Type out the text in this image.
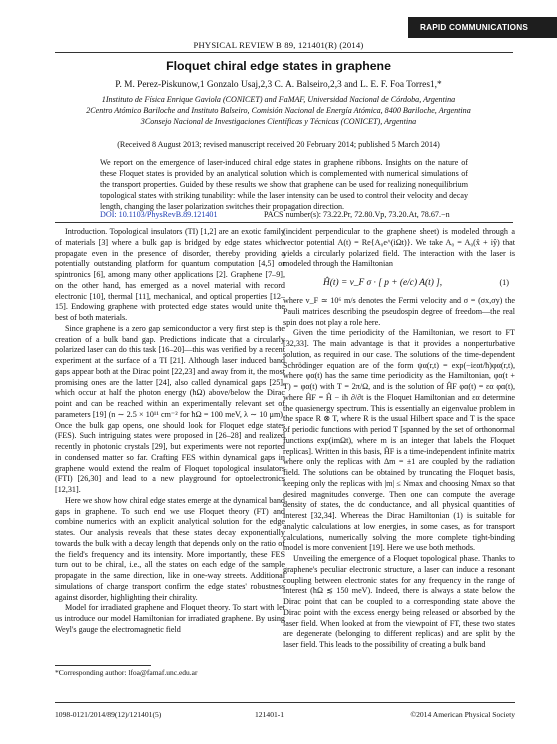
RAPID COMMUNICATIONS
PHYSICAL REVIEW B 89, 121401(R) (2014)
Floquet chiral edge states in graphene
P. M. Perez-Piskunow,1 Gonzalo Usaj,2,3 C. A. Balseiro,2,3 and L. E. F. Foa Torres1,*
1Instituto de Física Enrique Gaviola (CONICET) and FaMAF, Universidad Nacional de Córdoba, Argentina
2Centro Atómico Bariloche and Instituto Balseiro, Comisión Nacional de Energía Atómica, 8400 Bariloche, Argentina
3Consejo Nacional de Investigaciones Científicas y Técnicas (CONICET), Argentina
(Received 8 August 2013; revised manuscript received 20 February 2014; published 5 March 2014)
We report on the emergence of laser-induced chiral edge states in graphene ribbons. Insights on the nature of these Floquet states is provided by an analytical solution which is complemented with numerical simulations of the transport properties. Guided by these results we show that graphene can be used for realizing nonequilibrium topological states with striking tunability: while the laser intensity can be used to control their velocity and decay length, changing the laser polarization switches their propagation direction.
DOI: 10.1103/PhysRevB.89.121401	PACS number(s): 73.22.Pr, 72.80.Vp, 73.20.At, 78.67.−n

Introduction. Topological insulators (TI) [1,2] are an exotic family of materials [3] where a bulk gap is bridged by edge states which propagate even in the presence of disorder, thereby providing a potentially outstanding platform for quantum computation [4,5] or spintronics [6], among many other applications [2]. Graphene [7–9], on the other hand, has emerged as a novel material with record electronic [10], thermal [11], mechanical, and optical properties [12–15]. Endowing graphene with protected edge states would unite the best of both materials.

Since graphene is a zero gap semiconductor a very first step is the creation of a bulk band gap. Predictions indicate that a circularly polarized laser can do this task [16–20]—this was verified by a recent experiment at the surface of a TI [21]. Although laser induced band gaps appear both at the Dirac point [22,23] and away from it, the most promising ones are the latter [24], also called dynamical gaps [25], which occur at half the photon energy (ħΩ) above/below the Dirac point and can be reached within an experimentally relevant set of parameters [19] (n ∼ 2.5 × 10¹¹ cm⁻² for ħΩ = 100 meV, λ ∼ 10 μm). Once the bulk gap opens, one should look for Floquet edge states (FES). Such intriguing states were proposed in [26–28] and realized recently in photonic crystals [29], but experiments were not reported in condensed matter so far. Crafting FES within dynamical gaps in graphene would extend the realm of Floquet topological insulators (FTI) [26,30] and lead to a new playground for optoelectronics [12,31].

Here we show how chiral edge states emerge at the dynamical band gaps in graphene. To such end we use Floquet theory (FT) and combine numerics with an explicit analytical solution for the edge states. Our analysis reveals that these states decay exponentially towards the bulk with a decay length that depends only on the ratio of the field's frequency and its intensity. More importantly, these FES turn out to be chiral, i.e., all the states on each edge of the sample propagate in the same direction, like in one-way streets. Additional simulations of charge transport confirm the edge states' robustness against disorder, highlighting their chirality.

Model for irradiated graphene and Floquet theory. To start with let us introduce our model Hamiltonian for irradiated graphene. By using Weyl's gauge the electromagnetic field

(incident perpendicular to the graphene sheet) is modeled through a vector potential A(t) = Re{A₀e^(iΩt)}. We take A₀ = A₀(x̂ + iŷ) that yields a circularly polarized field. The interaction with the laser is modeled through the Hamiltonian

Ĥ(t) = v_F σ · [ p + (e/c) A(t) ],	(1)

where v_F ≃ 10⁶ m/s denotes the Fermi velocity and σ = (σx,σy) the Pauli matrices describing the pseudospin degree of freedom—the real spin does not play a role here.

Given the time periodicity of the Hamiltonian, we resort to FT [32,33]. The main advantage is that it provides a nonperturbative solution, as required in our case. The solutions of the time-dependent Schrödinger equation are of the form ψα(r,t) = exp(−iεαt/ħ)φα(r,t), where φα(t) has the same time periodicity as the Hamiltonian, φα(t + T) = φα(t) with T = 2π/Ω, and is the solution of ĤF φα(t) = εα φα(t), where ĤF = Ĥ − iħ ∂/∂t is the Floquet Hamiltonian and εα determine the quasienergy spectrum. This is essentially an eigenvalue problem in the space R ⊗ T, where R is the usual Hilbert space and T is the space of periodic functions with period T [spanned by the set of orthonormal functions exp(imΩt), where m is an integer that labels the Floquet replicas]. Written in this basis, ĤF is a time-independent infinite matrix where only the replicas with Δm = ±1 are coupled by the radiation field. The solutions can be obtained by truncating the Floquet basis, keeping only the replicas with |m| ≤ Nmax and choosing Nmax so that desired magnitudes converge. Then one can compute the average density of states, the dc conductance, and all physical quantities of interest [32,34]. Whereas the Dirac Hamiltonian (1) is suitable for analytic calculations at low energies, in some cases, as for transport calculations, numerically solving the more complete tight-binding model is more convenient [19]. Here we use both methods.

Unveiling the emergence of a Floquet topological phase. Thanks to graphene's peculiar electronic structure, a laser can induce a resonant coupling between electronic states for any frequency in the range of interest (ħΩ ≲ 150 meV). Indeed, there is always a state below the Dirac point that can be coupled to a corresponding state above the Dirac point with the excess energy being released or absorbed by the laser field. When looked at from the viewpoint of FT, these two states are degenerate (belonging to different replicas) and are split by the laser field. This leads to the possibility of creating a bulk band

*Corresponding author: lfoa@famaf.unc.edu.ar
1098-0121/2014/89(12)/121401(5)	121401-1	©2014 American Physical Society
